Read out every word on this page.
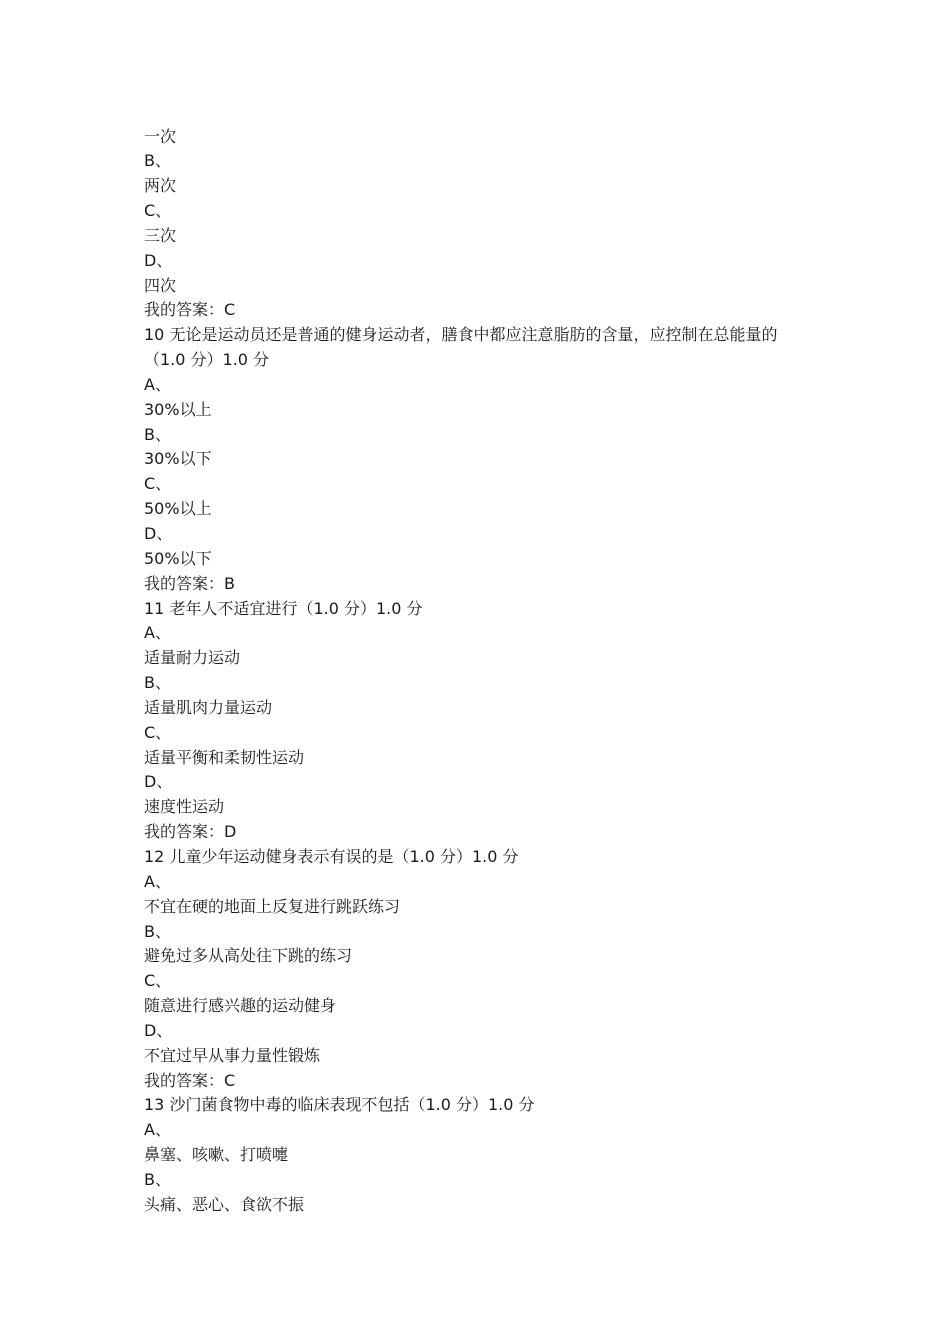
一次
B、
两次
C、
三次
D、
四次
我的答案：C
10 无论是运动员还是普通的健身运动者，膳食中都应注意脂肪的含量，应控制在总能量的
（1.0 分）1.0 分
A、
30%以上
B、
30%以下
C、
50%以上
D、
50%以下
我的答案：B
11 老年人不适宜进行（1.0 分）1.0 分
A、
适量耐力运动
B、
适量肌肉力量运动
C、
适量平衡和柔韧性运动
D、
速度性运动
我的答案：D
12 儿童少年运动健身表示有误的是（1.0 分）1.0 分
A、
不宜在硬的地面上反复进行跳跃练习
B、
避免过多从高处往下跳的练习
C、
随意进行感兴趣的运动健身
D、
不宜过早从事力量性锻炼
我的答案：C
13 沙门菌食物中毒的临床表现不包括（1.0 分）1.0 分
A、
鼻塞、咳嗽、打喷嚏
B、
头痛、恶心、食欲不振
